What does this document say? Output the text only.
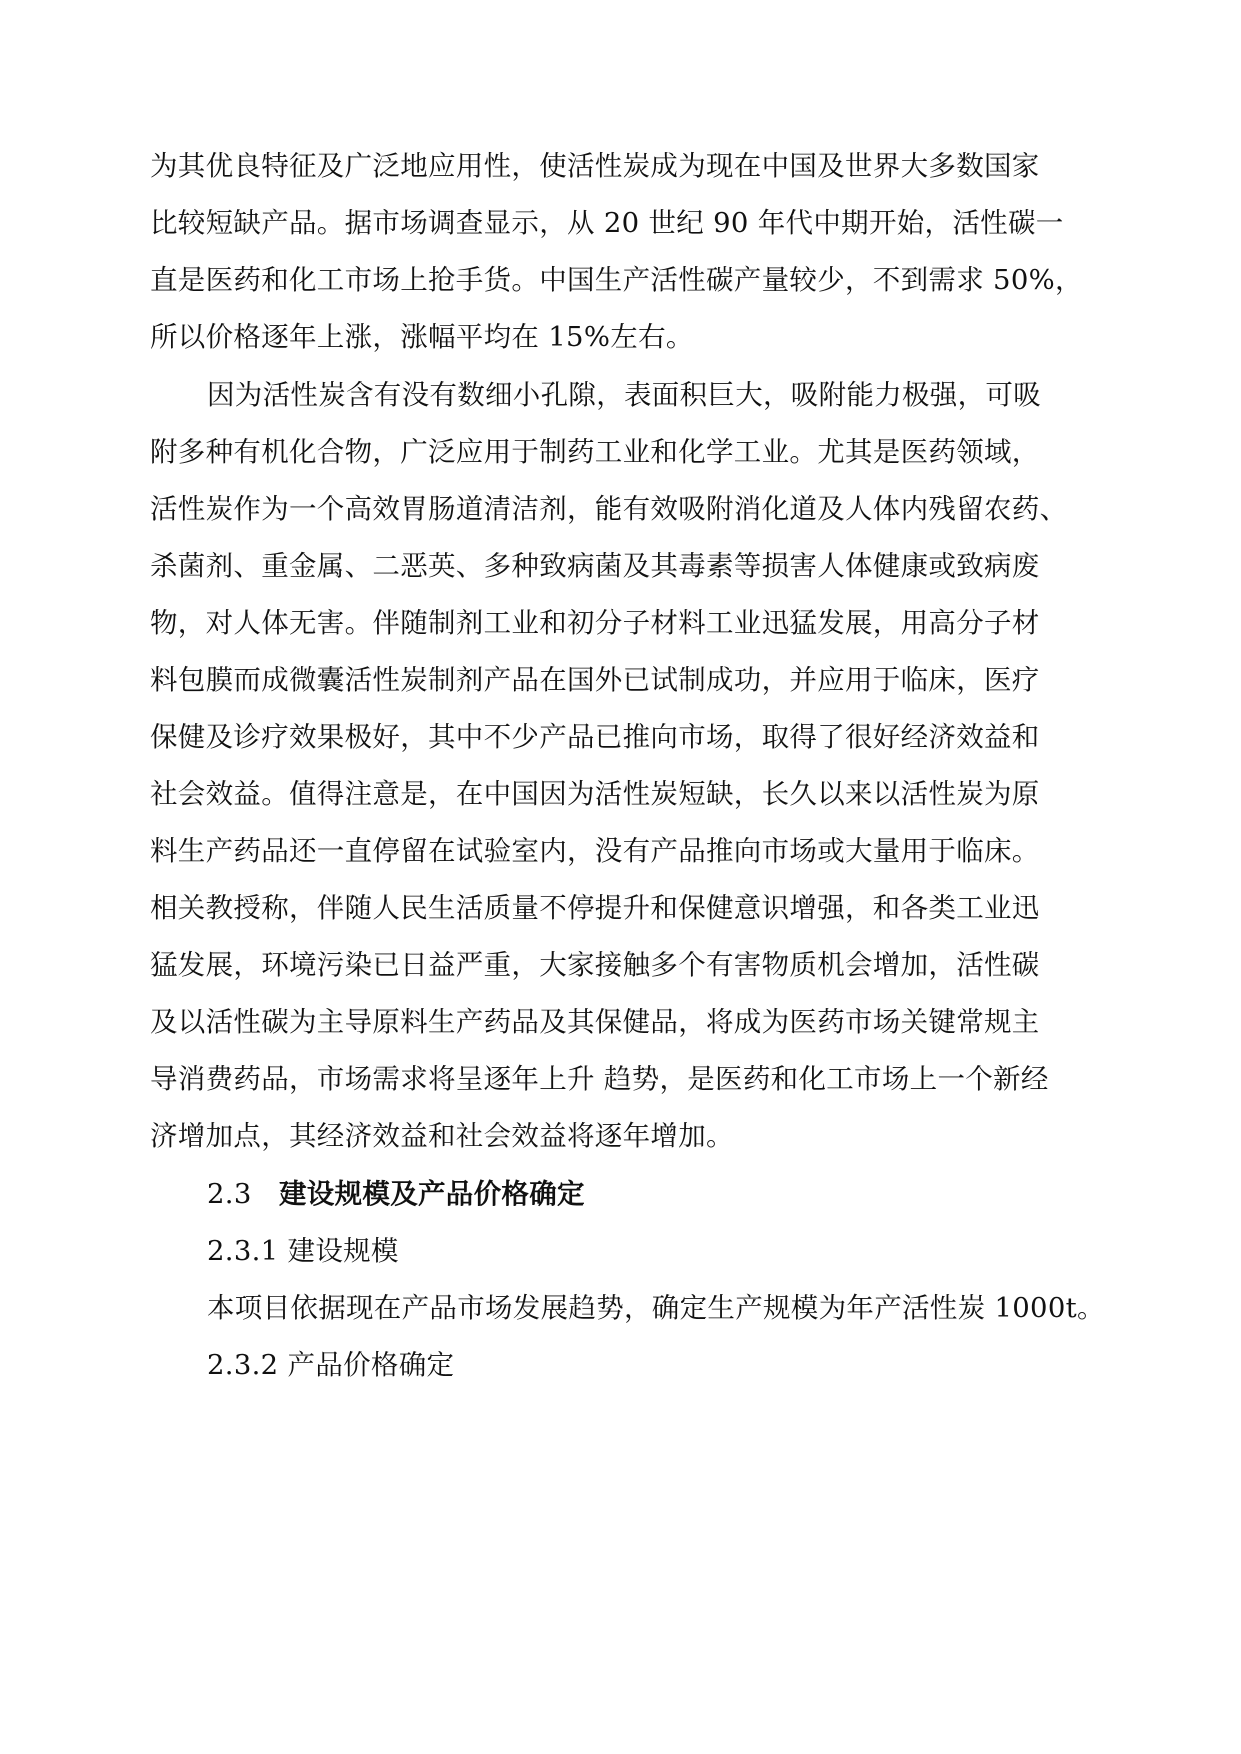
为其优良特征及广泛地应用性，使活性炭成为现在中国及世界大多数国家
比较短缺产品。据市场调查显示，从 20 世纪 90 年代中期开始，活性碳一
直是医药和化工市场上抢手货。中国生产活性碳产量较少，不到需求 50%，
所以价格逐年上涨，涨幅平均在 15%左右。
因为活性炭含有没有数细小孔隙，表面积巨大，吸附能力极强，可吸
附多种有机化合物，广泛应用于制药工业和化学工业。尤其是医药领域，
活性炭作为一个高效胃肠道清洁剂，能有效吸附消化道及人体内残留农药、
杀菌剂、重金属、二恶英、多种致病菌及其毒素等损害人体健康或致病废
物，对人体无害。伴随制剂工业和初分子材料工业迅猛发展，用高分子材
料包膜而成微囊活性炭制剂产品在国外已试制成功，并应用于临床，医疗
保健及诊疗效果极好，其中不少产品已推向市场，取得了很好经济效益和
社会效益。值得注意是，在中国因为活性炭短缺，长久以来以活性炭为原
料生产药品还一直停留在试验室内，没有产品推向市场或大量用于临床。
相关教授称，伴随人民生活质量不停提升和保健意识增强，和各类工业迅
猛发展，环境污染已日益严重，大家接触多个有害物质机会增加，活性碳
及以活性碳为主导原料生产药品及其保健品，将成为医药市场关键常规主
导消费药品，市场需求将呈逐年上升 趋势，是医药和化工市场上一个新经
济增加点，其经济效益和社会效益将逐年增加。
2.3 建设规模及产品价格确定
2.3.1 建设规模
本项目依据现在产品市场发展趋势，确定生产规模为年产活性炭 1000t。
2.3.2 产品价格确定
